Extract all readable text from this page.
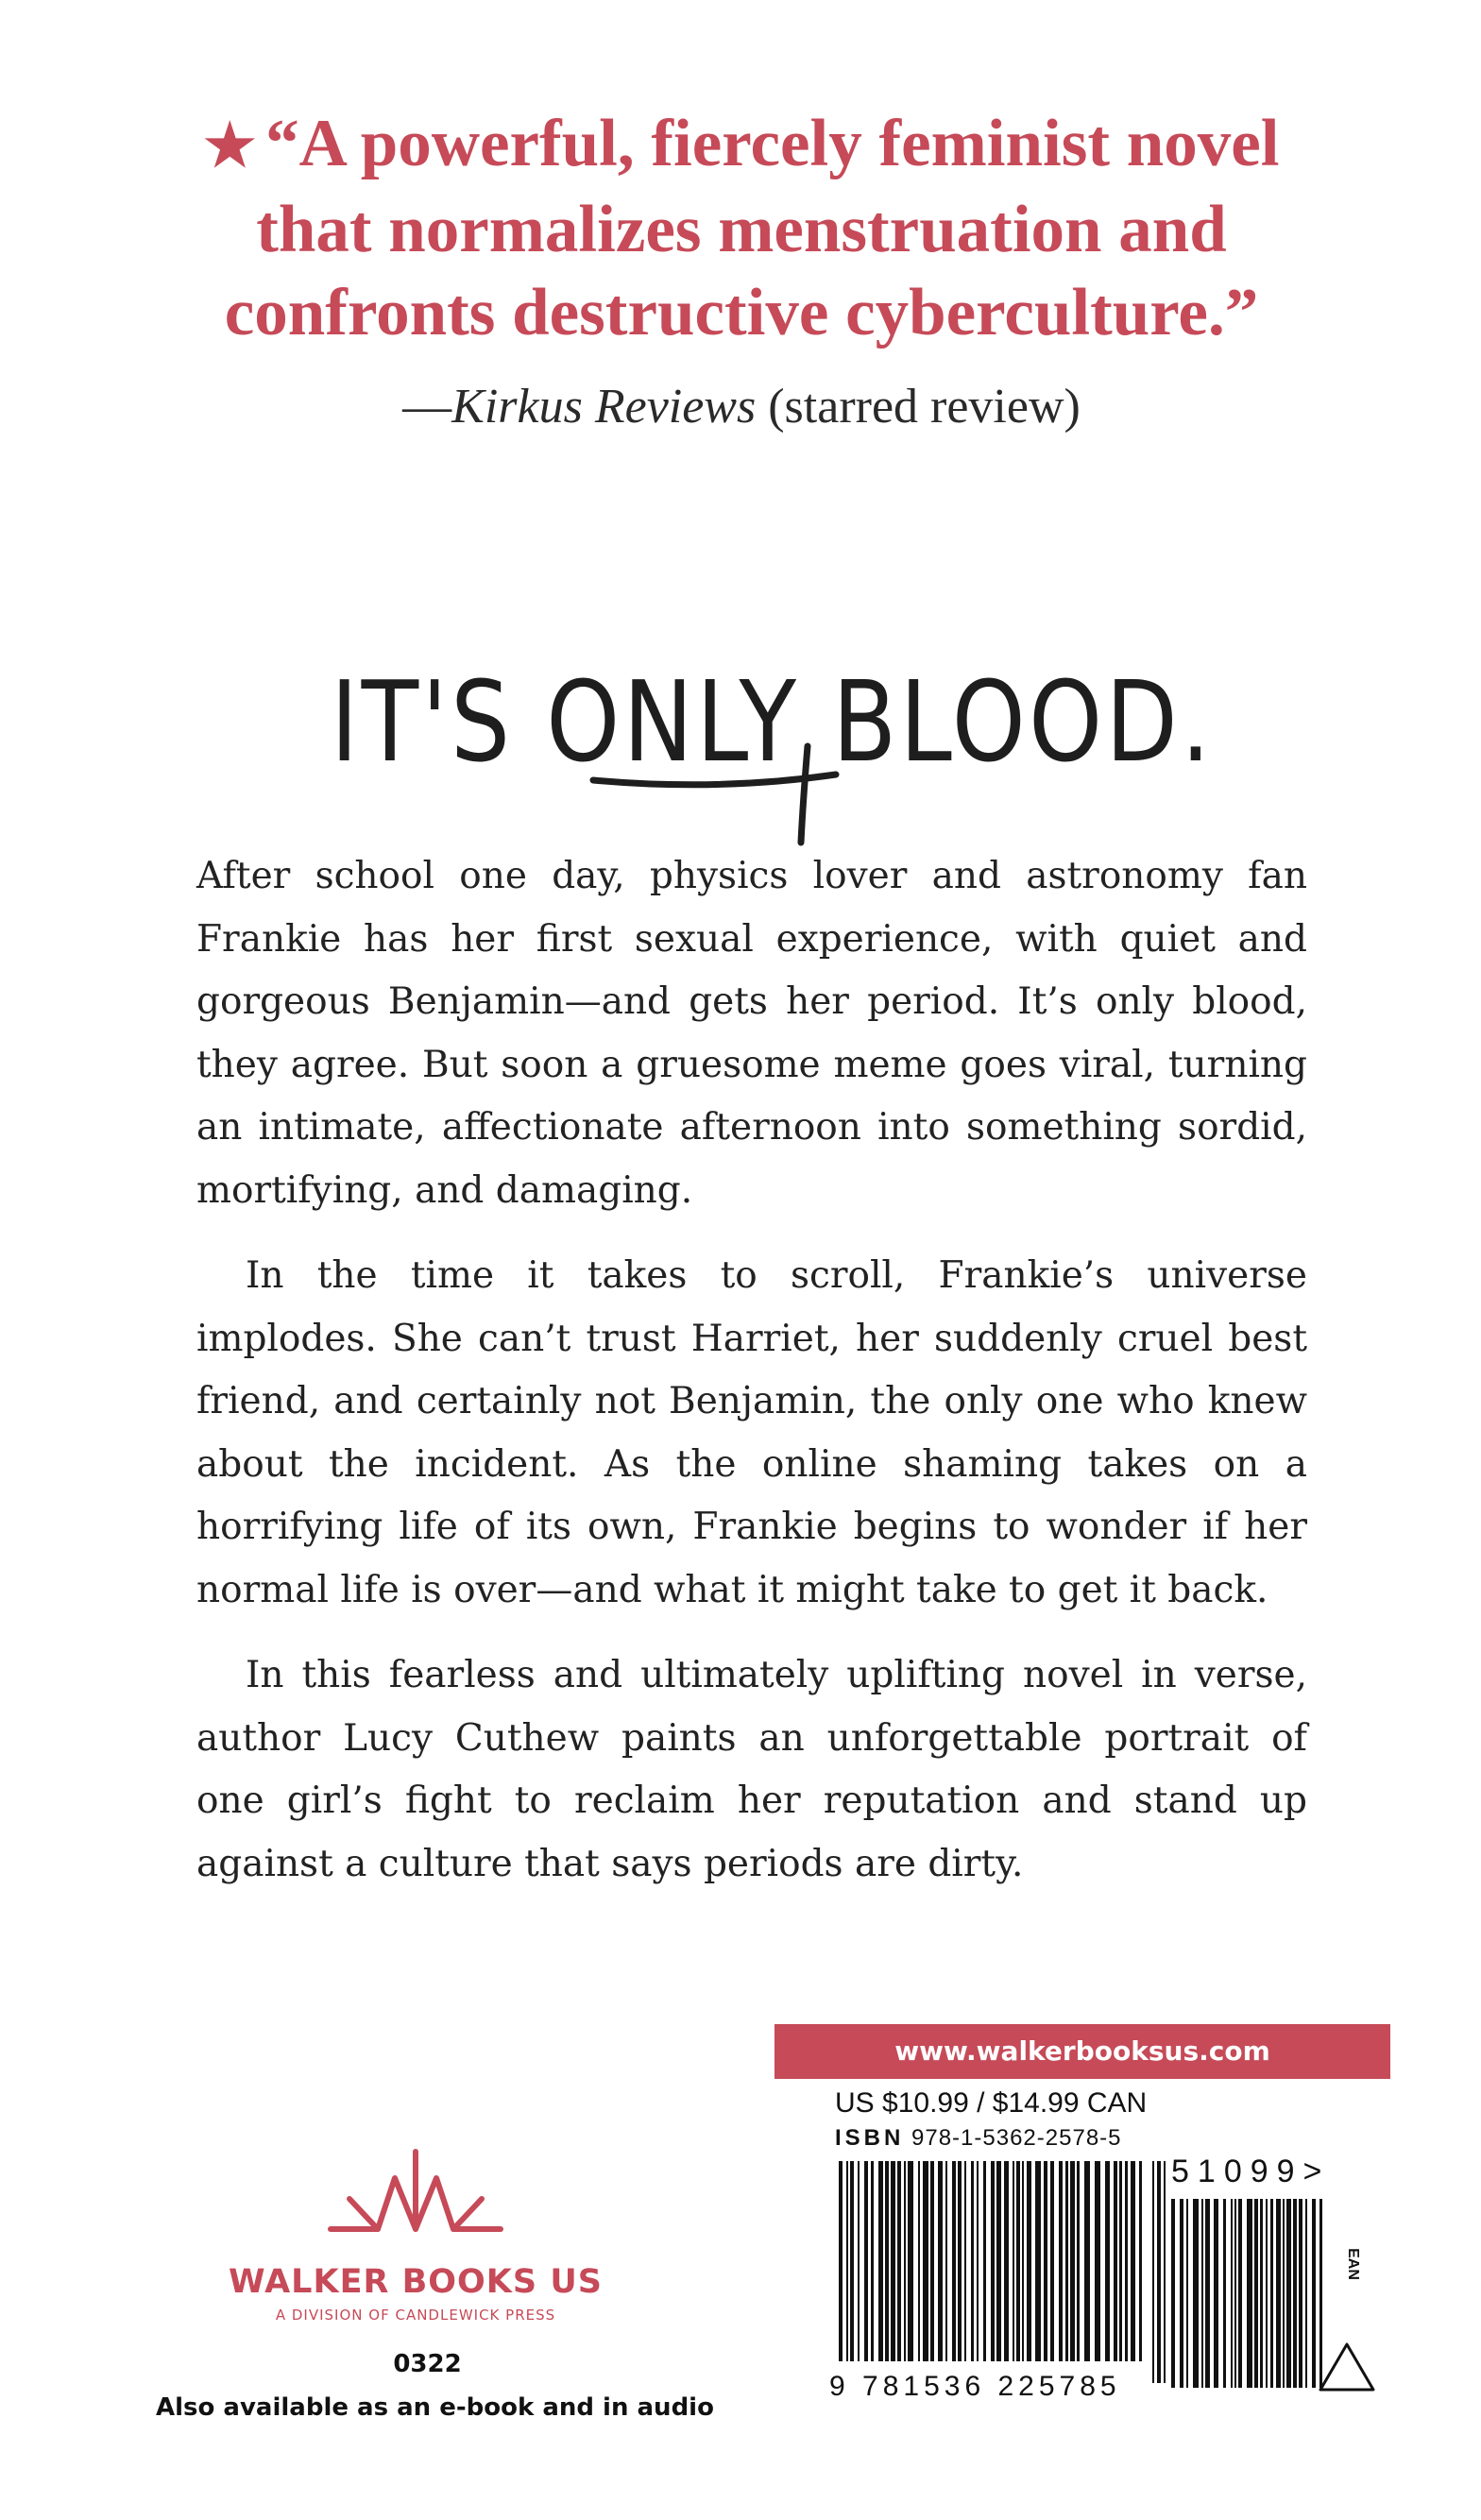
★ “A powerful, fiercely feminist novel
that normalizes menstruation and
confronts destructive cyberculture.”

—Kirkus Reviews (starred review)
IT'S ONLY BLOOD.

After school one day, physics lover and astronomy fan Frankie has her first sexual experience, with quiet and gorgeous Benjamin—and gets her period. It’s only blood, they agree. But soon a gruesome meme goes viral, turning an intimate, affectionate afternoon into something sordid, mortifying, and damaging.

In the time it takes to scroll, Frankie’s universe implodes. She can’t trust Harriet, her suddenly cruel best friend, and certainly not Benjamin, the only one who knew about the incident. As the online shaming takes on a horrifying life of its own, Frankie begins to wonder if her normal life is over—and what it might take to get it back.

In this fearless and ultimately uplifting novel in verse, author Lucy Cuthew paints an unforgettable portrait of one girl’s fight to reclaim her reputation and stand up against a culture that says periods are dirty.

WALKER BOOKS US
A DIVISION OF CANDLEWICK PRESS
0322
Also available as an e-book and in audio
www.walkerbooksus.com
US $10.99 / $14.99 CAN
ISBN 978-1-5362-2578-5
9 781536 225785
51099>
EAN
